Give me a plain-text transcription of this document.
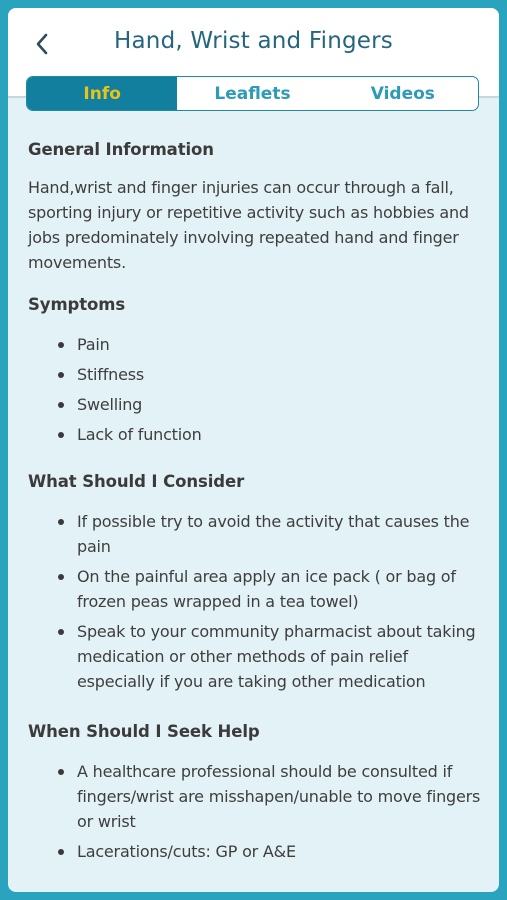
Hand, Wrist and Fingers
Info	Leaflets	Videos
General Information

Hand,wrist and finger injuries can occur through a fall, sporting injury or repetitive activity such as hobbies and jobs predominately involving repeated hand and finger movements.

Symptoms
Pain
Stiffness
Swelling
Lack of function
What Should I Consider
If possible try to avoid the activity that causes the pain
On the painful area apply an ice pack ( or bag of frozen peas wrapped in a tea towel)
Speak to your community pharmacist about taking medication or other methods of pain relief especially if you are taking other medication
When Should I Seek Help
A healthcare professional should be consulted if fingers/wrist are misshapen/unable to move fingers or wrist
Lacerations/cuts: GP or A&E
